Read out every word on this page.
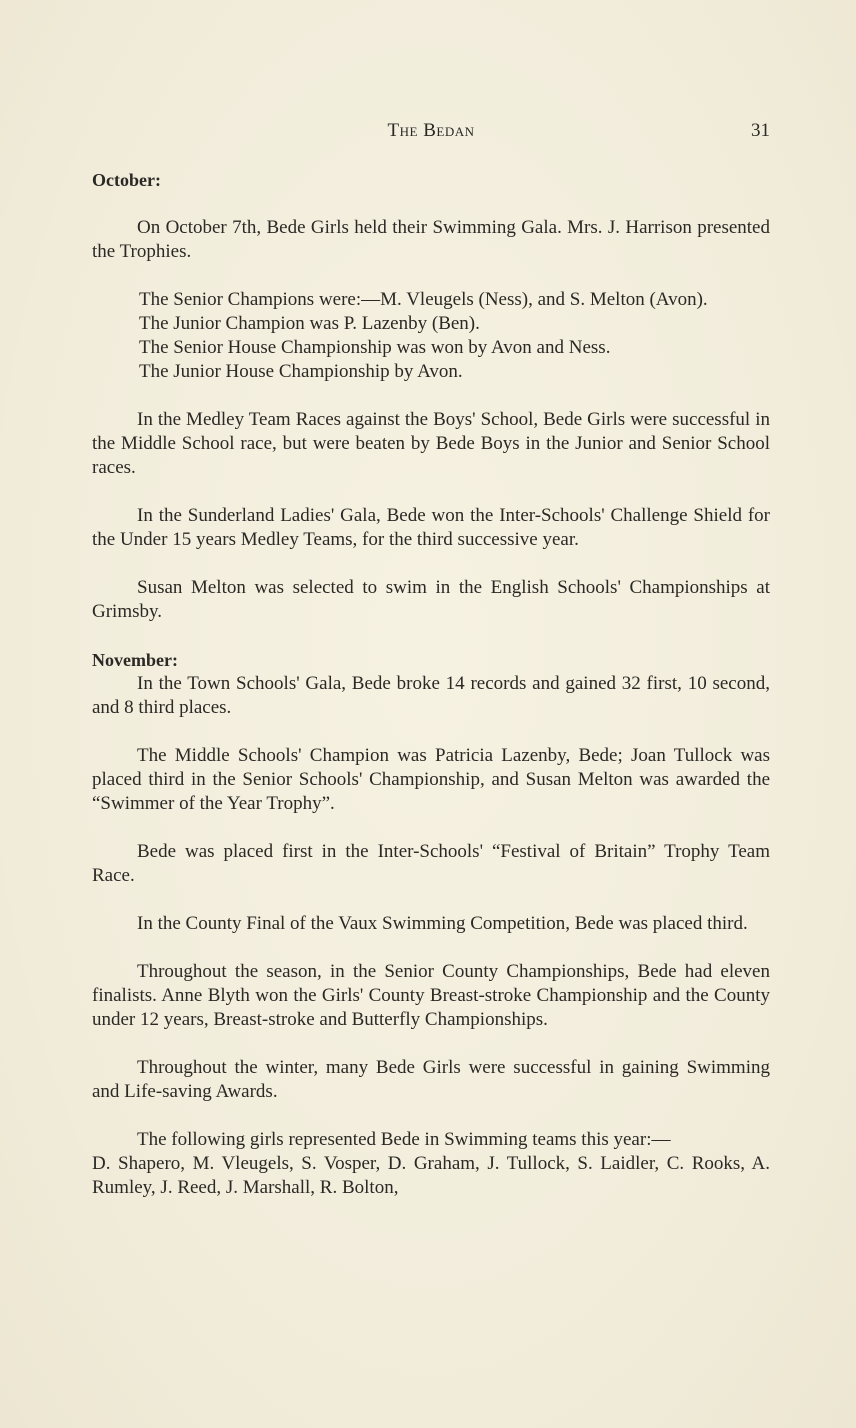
The Bedan	31

October:

On October 7th, Bede Girls held their Swimming Gala. Mrs. J. Harrison presented the Trophies.

The Senior Champions were:—M. Vleugels (Ness), and S. Melton (Avon).

The Junior Champion was P. Lazenby (Ben).

The Senior House Championship was won by Avon and Ness.

The Junior House Championship by Avon.

In the Medley Team Races against the Boys' School, Bede Girls were successful in the Middle School race, but were beaten by Bede Boys in the Junior and Senior School races.

In the Sunderland Ladies' Gala, Bede won the Inter-Schools' Challenge Shield for the Under 15 years Medley Teams, for the third successive year.

Susan Melton was selected to swim in the English Schools' Championships at Grimsby.

November:

In the Town Schools' Gala, Bede broke 14 records and gained 32 first, 10 second, and 8 third places.

The Middle Schools' Champion was Patricia Lazenby, Bede; Joan Tullock was placed third in the Senior Schools' Championship, and Susan Melton was awarded the “Swimmer of the Year Trophy”.

Bede was placed first in the Inter-Schools' “Festival of Britain” Trophy Team Race.

In the County Final of the Vaux Swimming Competition, Bede was placed third.

Throughout the season, in the Senior County Championships, Bede had eleven finalists. Anne Blyth won the Girls' County Breast-stroke Championship and the County under 12 years, Breast-stroke and Butterfly Championships.

Throughout the winter, many Bede Girls were successful in gaining Swimming and Life-saving Awards.

The following girls represented Bede in Swimming teams this year:—

D. Shapero, M. Vleugels, S. Vosper, D. Graham, J. Tullock, S. Laidler, C. Rooks, A. Rumley, J. Reed, J. Marshall, R. Bolton,
